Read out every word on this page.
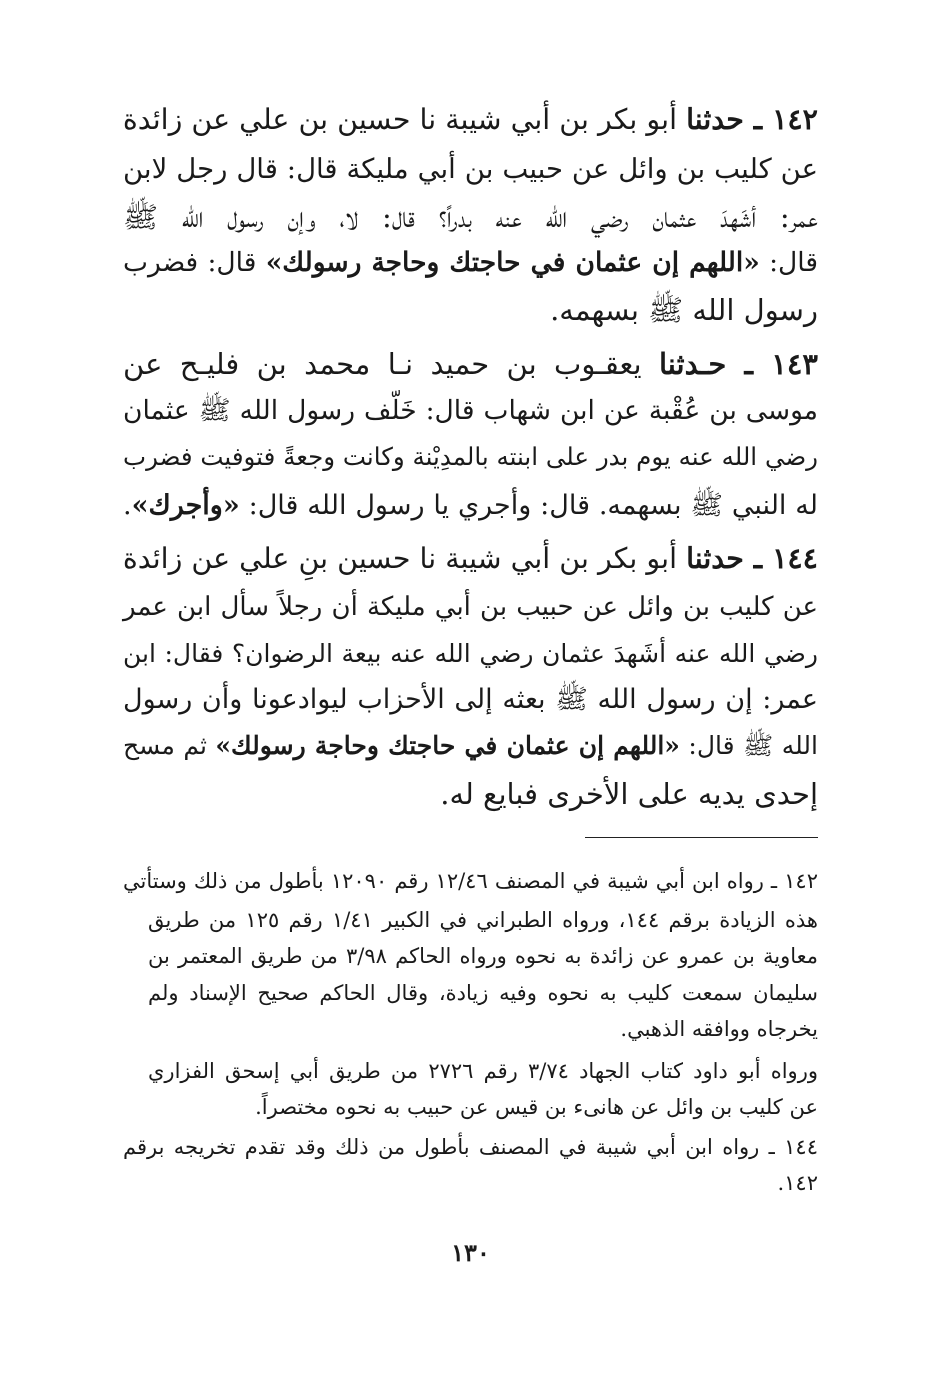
١٤٢ ـ حدثنا أبو بكر بن أبي شيبة نا حسين بن علي عن زائدة
عن كليب بن وائل عن حبيب بن أبي مليكة قال: قال رجل لابن
عمر: أشَهدَ عثمان رضي الله عنه بدراً؟ قال: لا، وإن رسول الله ﷺ
قال: «اللهم إن عثمان في حاجتك وحاجة رسولك» قال: فضرب
رسول الله ﷺ بسهمه.
١٤٣ ـ حـدثنا يعقـوب بن حميد نـا محمد بن فليـح عن
موسى بن عُقْبة عن ابن شهاب قال: خَلّف رسول الله ﷺ عثمان
رضي الله عنه يوم بدر على ابنته بالمدِيْنة وكانت وجعةً فتوفيت فضرب
له النبي ﷺ بسهمه. قال: وأجري يا رسول الله قال: «وأجرك».
١٤٤ ـ حدثنا أبو بكر بن أبي شيبة نا حسين بنِ علي عن زائدة
عن كليب بن وائل عن حبيب بن أبي مليكة أن رجلاً سأل ابن عمر
رضي الله عنه أشَهدَ عثمان رضي الله عنه بيعة الرضوان؟ فقال: ابن
عمر: إن رسول الله ﷺ بعثه إلى الأحزاب ليوادعونا وأن رسول
الله ﷺ قال: «اللهم إن عثمان في حاجتك وحاجة رسولك» ثم مسح
إحدى يديه على الأخرى فبايع له.
١٤٢ ـ رواه ابن أبي شيبة في المصنف ١٢/٤٦ رقم ١٢٠٩٠ بأطول من ذلك وستأتي
هذه الزيادة برقم ١٤٤، ورواه الطبراني في الكبير ١/٤١ رقم ١٢٥ من طريق
معاوية بن عمرو عن زائدة به نحوه ورواه الحاكم ٣/٩٨ من طريق المعتمر بن
سليمان سمعت كليب به نحوه وفيه زيادة، وقال الحاكم صحيح الإسناد ولم
يخرجاه ووافقه الذهبي.
ورواه أبو داود كتاب الجهاد ٣/٧٤ رقم ٢٧٢٦ من طريق أبي إسحق الفزاري
عن كليب بن وائل عن هانىء بن قيس عن حبيب به نحوه مختصراً.
١٤٤ ـ رواه ابن أبي شيبة في المصنف بأطول من ذلك وقد تقدم تخريجه برقم
١٤٢.
١٣٠
